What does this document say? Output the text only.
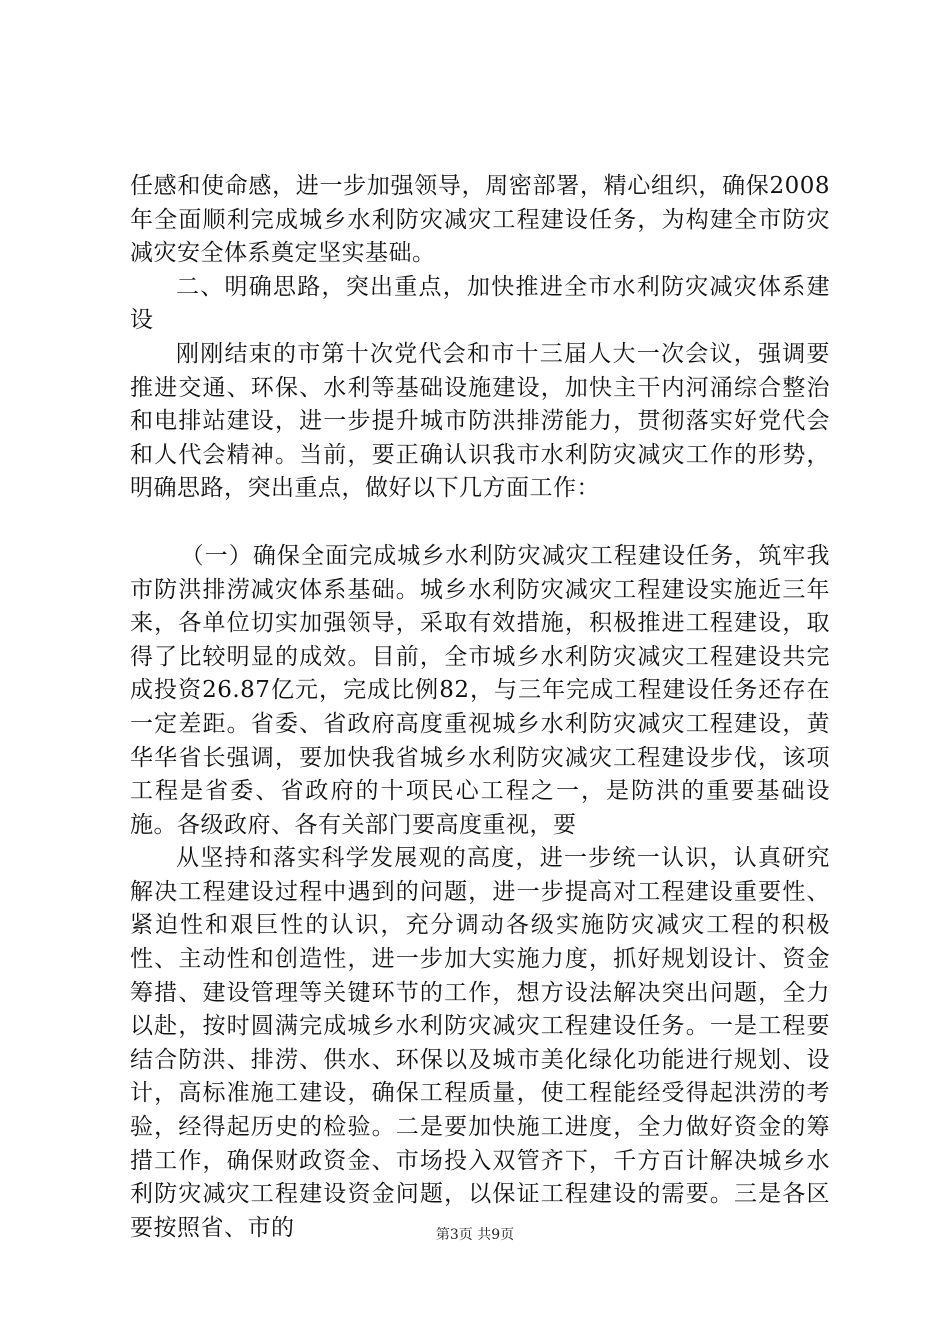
任感和使命感，进一步加强领导，周密部署，精心组织，确保2008年全面顺利完成城乡水利防灾减灾工程建设任务，为构建全市防灾减灾安全体系奠定坚实基础。

二、明确思路，突出重点，加快推进全市水利防灾减灾体系建设

刚刚结束的市第十次党代会和市十三届人大一次会议，强调要推进交通、环保、水利等基础设施建设，加快主干内河涌综合整治和电排站建设，进一步提升城市防洪排涝能力，贯彻落实好党代会和人代会精神。当前，要正确认识我市水利防灾减灾工作的形势，明确思路，突出重点，做好以下几方面工作：

（一）确保全面完成城乡水利防灾减灾工程建设任务，筑牢我市防洪排涝减灾体系基础。城乡水利防灾减灾工程建设实施近三年来，各单位切实加强领导，采取有效措施，积极推进工程建设，取得了比较明显的成效。目前，全市城乡水利防灾减灾工程建设共完成投资26.87亿元，完成比例82，与三年完成工程建设任务还存在一定差距。省委、省政府高度重视城乡水利防灾减灾工程建设，黄华华省长强调，要加快我省城乡水利防灾减灾工程建设步伐，该项工程是省委、省政府的十项民心工程之一，是防洪的重要基础设施。各级政府、各有关部门要高度重视，要

从坚持和落实科学发展观的高度，进一步统一认识，认真研究解决工程建设过程中遇到的问题，进一步提高对工程建设重要性、紧迫性和艰巨性的认识，充分调动各级实施防灾减灾工程的积极性、主动性和创造性，进一步加大实施力度，抓好规划设计、资金筹措、建设管理等关键环节的工作，想方设法解决突出问题，全力以赴，按时圆满完成城乡水利防灾减灾工程建设任务。一是工程要结合防洪、排涝、供水、环保以及城市美化绿化功能进行规划、设计，高标准施工建设，确保工程质量，使工程能经受得起洪涝的考验，经得起历史的检验。二是要加快施工进度，全力做好资金的筹措工作，确保财政资金、市场投入双管齐下，千方百计解决城乡水利防灾减灾工程建设资金问题，以保证工程建设的需要。三是各区要按照省、市的	第3页 共9页
